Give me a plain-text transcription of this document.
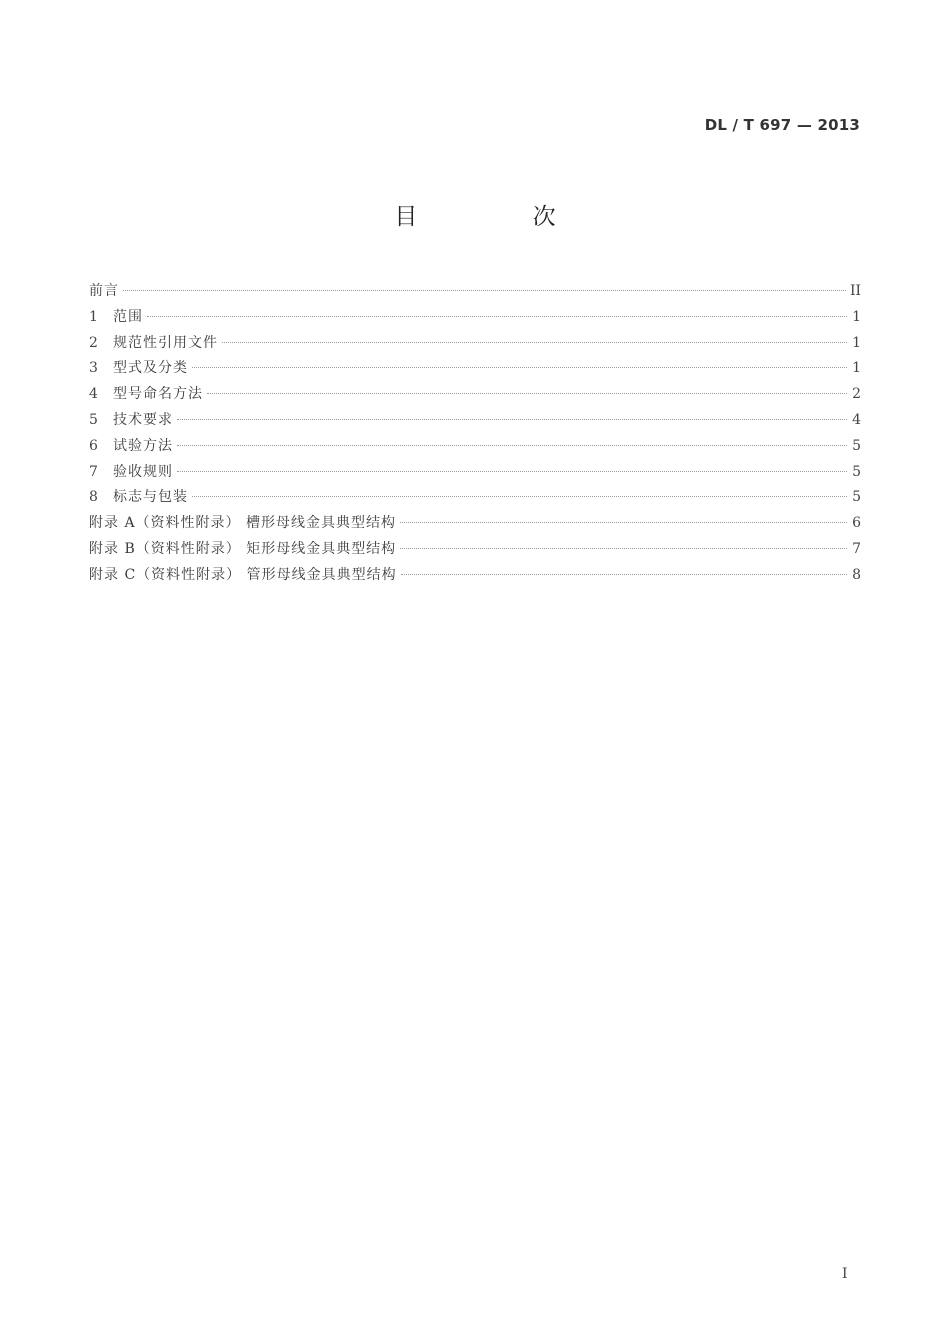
DL / T 697 — 2013
目 次
前言	II
1	范围	1
2	规范性引用文件	1
3	型式及分类	1
4	型号命名方法	2
5	技术要求	4
6	试验方法	5
7	验收规则	5
8	标志与包装	5
附录 A（资料性附录） 槽形母线金具典型结构	6
附录 B（资料性附录） 矩形母线金具典型结构	7
附录 C（资料性附录） 管形母线金具典型结构	8
I
